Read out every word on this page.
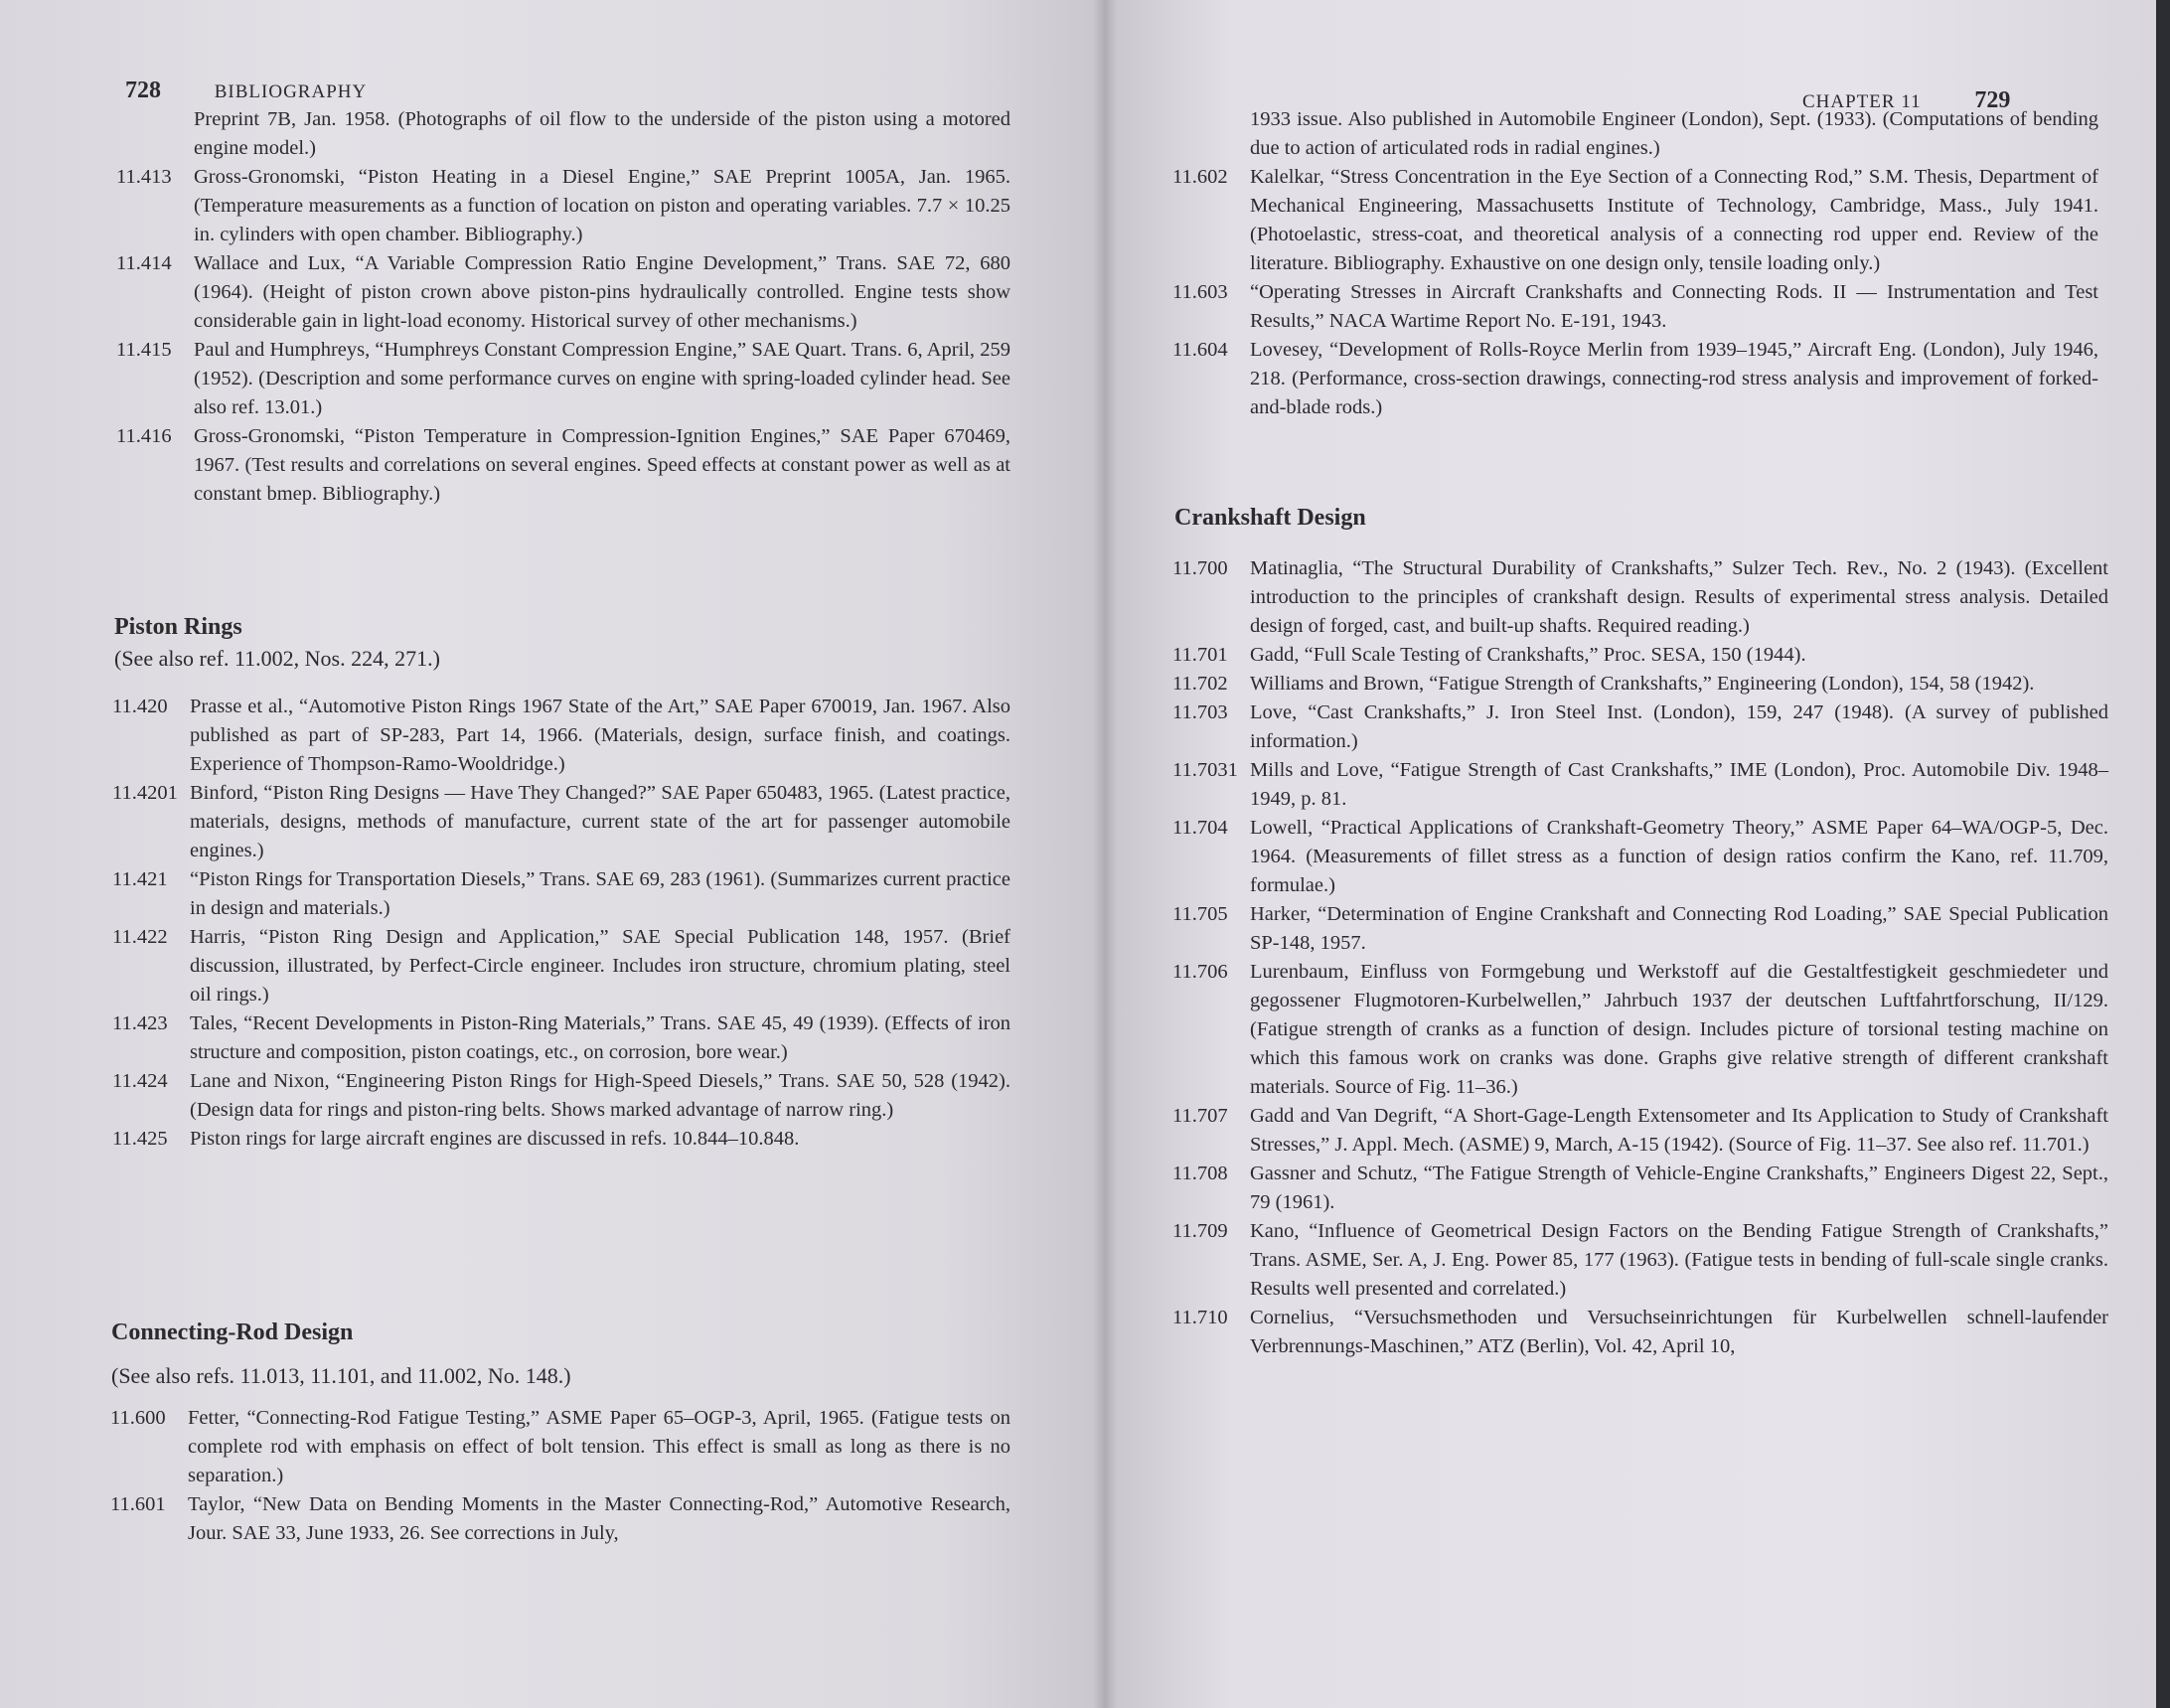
728	BIBLIOGRAPHY
Preprint 7B, Jan. 1958. (Photographs of oil flow to the underside of the piston using a motored engine model.)
11.413	Gross-Gronomski, “Piston Heating in a Diesel Engine,” SAE Preprint 1005A, Jan. 1965. (Temperature measurements as a function of location on piston and operating variables. 7.7 × 10.25 in. cylinders with open chamber. Bibliography.)
11.414	Wallace and Lux, “A Variable Compression Ratio Engine Development,” Trans. SAE 72, 680 (1964). (Height of piston crown above piston-pins hydraulically controlled. Engine tests show considerable gain in light-load economy. Historical survey of other mechanisms.)
11.415	Paul and Humphreys, “Humphreys Constant Compression Engine,” SAE Quart. Trans. 6, April, 259 (1952). (Description and some performance curves on engine with spring-loaded cylinder head. See also ref. 13.01.)
11.416	Gross-Gronomski, “Piston Temperature in Compression-Ignition Engines,” SAE Paper 670469, 1967. (Test results and correlations on several engines. Speed effects at constant power as well as at constant bmep. Bibliography.)
Piston Rings
(See also ref. 11.002, Nos. 224, 271.)
11.420	Prasse et al., “Automotive Piston Rings 1967 State of the Art,” SAE Paper 670019, Jan. 1967. Also published as part of SP-283, Part 14, 1966. (Materials, design, surface finish, and coatings. Experience of Thompson-Ramo-Wooldridge.)
11.4201 Binford, “Piston Ring Designs — Have They Changed?” SAE Paper 650483, 1965. (Latest practice, materials, designs, methods of manufacture, current state of the art for passenger automobile engines.)
11.421	“Piston Rings for Transportation Diesels,” Trans. SAE 69, 283 (1961). (Summarizes current practice in design and materials.)
11.422	Harris, “Piston Ring Design and Application,” SAE Special Publication 148, 1957. (Brief discussion, illustrated, by Perfect-Circle engineer. Includes iron structure, chromium plating, steel oil rings.)
11.423	Tales, “Recent Developments in Piston-Ring Materials,” Trans. SAE 45, 49 (1939). (Effects of iron structure and composition, piston coatings, etc., on corrosion, bore wear.)
11.424	Lane and Nixon, “Engineering Piston Rings for High-Speed Diesels,” Trans. SAE 50, 528 (1942). (Design data for rings and piston-ring belts. Shows marked advantage of narrow ring.)
11.425	Piston rings for large aircraft engines are discussed in refs. 10.844–10.848.
Connecting-Rod Design
(See also refs. 11.013, 11.101, and 11.002, No. 148.)
11.600	Fetter, “Connecting-Rod Fatigue Testing,” ASME Paper 65–OGP-3, April, 1965. (Fatigue tests on complete rod with emphasis on effect of bolt tension. This effect is small as long as there is no separation.)
11.601	Taylor, “New Data on Bending Moments in the Master Connecting-Rod,” Automotive Research, Jour. SAE 33, June 1933, 26. See corrections in July,
CHAPTER 11 729
1933 issue. Also published in Automobile Engineer (London), Sept. (1933). (Computations of bending due to action of articulated rods in radial engines.)
11.602	Kalelkar, “Stress Concentration in the Eye Section of a Connecting Rod,” S.M. Thesis, Department of Mechanical Engineering, Massachusetts Institute of Technology, Cambridge, Mass., July 1941. (Photoelastic, stress-coat, and theoretical analysis of a connecting rod upper end. Review of the literature. Bibliography. Exhaustive on one design only, tensile loading only.)
11.603	“Operating Stresses in Aircraft Crankshafts and Connecting Rods. II — Instrumentation and Test Results,” NACA Wartime Report No. E-191, 1943.
11.604	Lovesey, “Development of Rolls-Royce Merlin from 1939–1945,” Aircraft Eng. (London), July 1946, 218. (Performance, cross-section drawings, connecting-rod stress analysis and improvement of forked-and-blade rods.)
Crankshaft Design
11.700	Matinaglia, “The Structural Durability of Crankshafts,” Sulzer Tech. Rev., No. 2 (1943). (Excellent introduction to the principles of crankshaft design. Results of experimental stress analysis. Detailed design of forged, cast, and built-up shafts. Required reading.)
11.701	Gadd, “Full Scale Testing of Crankshafts,” Proc. SESA, 150 (1944).
11.702	Williams and Brown, “Fatigue Strength of Crankshafts,” Engineering (London), 154, 58 (1942).
11.703	Love, “Cast Crankshafts,” J. Iron Steel Inst. (London), 159, 247 (1948). (A survey of published information.)
11.7031 Mills and Love, “Fatigue Strength of Cast Crankshafts,” IME (London), Proc. Automobile Div. 1948–1949, p. 81.
11.704	Lowell, “Practical Applications of Crankshaft-Geometry Theory,” ASME Paper 64–WA/OGP-5, Dec. 1964. (Measurements of fillet stress as a function of design ratios confirm the Kano, ref. 11.709, formulae.)
11.705	Harker, “Determination of Engine Crankshaft and Connecting Rod Loading,” SAE Special Publication SP-148, 1957.
11.706	Lurenbaum, Einfluss von Formgebung und Werkstoff auf die Gestaltfestigkeit geschmiedeter und gegossener Flugmotoren-Kurbelwellen,” Jahrbuch 1937 der deutschen Luftfahrtforschung, II/129. (Fatigue strength of cranks as a function of design. Includes picture of torsional testing machine on which this famous work on cranks was done. Graphs give relative strength of different crankshaft materials. Source of Fig. 11–36.)
11.707	Gadd and Van Degrift, “A Short-Gage-Length Extensometer and Its Application to Study of Crankshaft Stresses,” J. Appl. Mech. (ASME) 9, March, A-15 (1942). (Source of Fig. 11–37. See also ref. 11.701.)
11.708	Gassner and Schutz, “The Fatigue Strength of Vehicle-Engine Crankshafts,” Engineers Digest 22, Sept., 79 (1961).
11.709	Kano, “Influence of Geometrical Design Factors on the Bending Fatigue Strength of Crankshafts,” Trans. ASME, Ser. A, J. Eng. Power 85, 177 (1963). (Fatigue tests in bending of full-scale single cranks. Results well presented and correlated.)
11.710	Cornelius, “Versuchsmethoden und Versuchseinrichtungen für Kurbelwellen schnell-laufender Verbrennungs-Maschinen,” ATZ (Berlin), Vol. 42, April 10,
